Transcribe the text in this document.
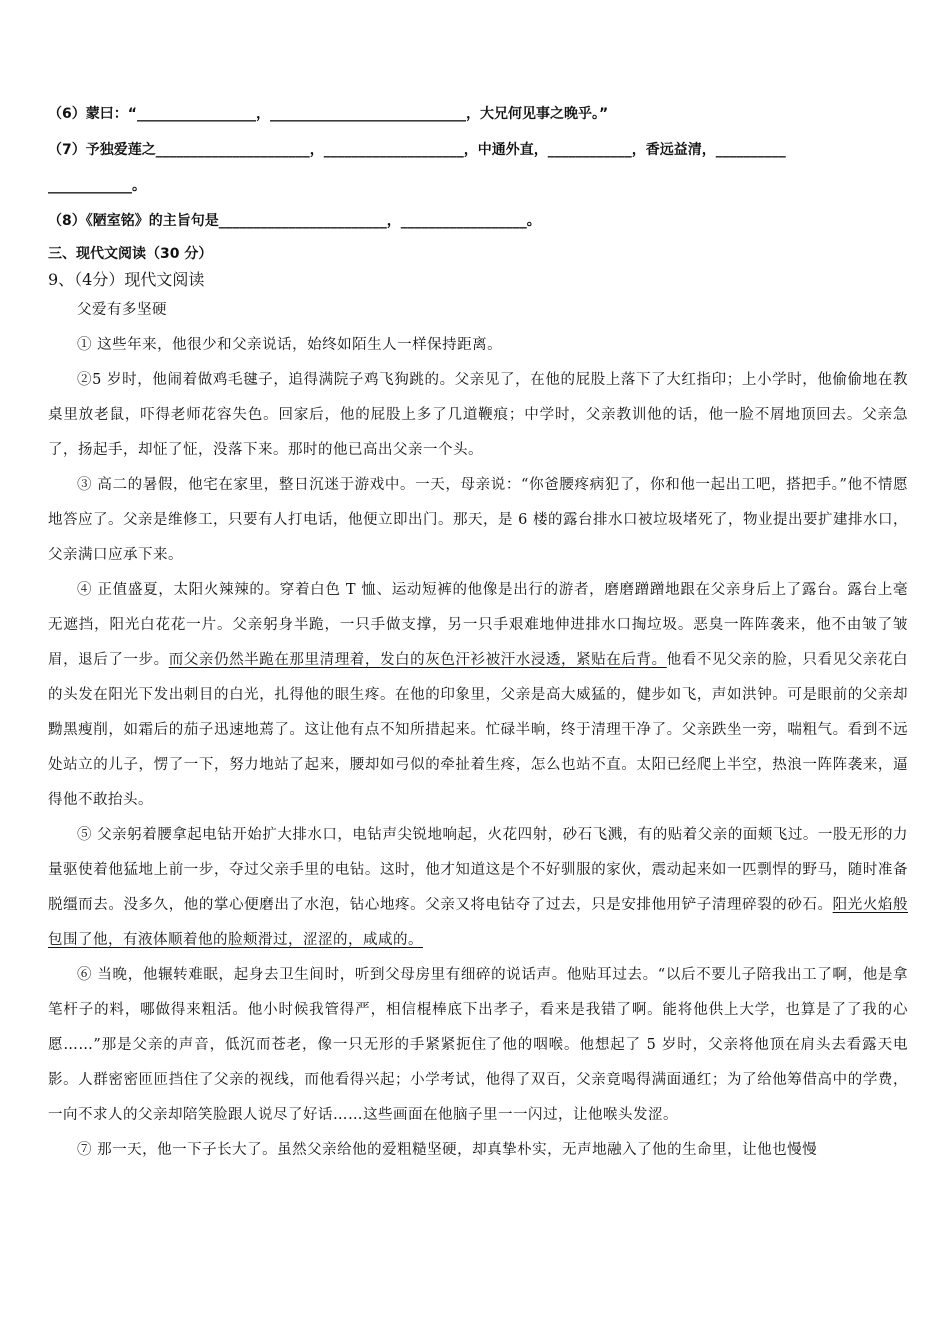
（6）蒙曰：“_________________，____________________________，大兄何见事之晚乎。”
（7）予独爱莲之______________________，____________________，中通外直，____________，香远益清，__________
____________。
（8）《陋室铭》的主旨句是________________________，__________________。
三、现代文阅读（30 分）
9、（4分）现代文阅读

父爱有多坚硬

① 这些年来，他很少和父亲说话，始终如陌生人一样保持距离。

②5 岁时，他闹着做鸡毛毽子，追得满院子鸡飞狗跳的。父亲见了，在他的屁股上落下了大红指印；上小学时，他偷偷地在教桌里放老鼠，吓得老师花容失色。回家后，他的屁股上多了几道鞭痕；中学时，父亲教训他的话，他一脸不屑地顶回去。父亲急了，扬起手，却怔了怔，没落下来。那时的他已高出父亲一个头。

③ 高二的暑假，他宅在家里，整日沉迷于游戏中。一天，母亲说：“你爸腰疼病犯了，你和他一起出工吧，搭把手。”他不情愿地答应了。父亲是维修工，只要有人打电话，他便立即出门。那天，是 6 楼的露台排水口被垃圾堵死了，物业提出要扩建排水口，父亲满口应承下来。

④ 正值盛夏，太阳火辣辣的。穿着白色 T 恤、运动短裤的他像是出行的游者，磨磨蹭蹭地跟在父亲身后上了露台。露台上毫无遮挡，阳光白花花一片。父亲躬身半跪，一只手做支撑，另一只手艰难地伸进排水口掏垃圾。恶臭一阵阵袭来，他不由皱了皱眉，退后了一步。而父亲仍然半跪在那里清理着，发白的灰色汗衫被汗水浸透，紧贴在后背。他看不见父亲的脸，只看见父亲花白的头发在阳光下发出刺目的白光，扎得他的眼生疼。在他的印象里，父亲是高大威猛的，健步如飞，声如洪钟。可是眼前的父亲却黝黑瘦削，如霜后的茄子迅速地蔫了。这让他有点不知所措起来。忙碌半晌，终于清理干净了。父亲跌坐一旁，喘粗气。看到不远处站立的儿子，愣了一下，努力地站了起来，腰却如弓似的牵扯着生疼，怎么也站不直。太阳已经爬上半空，热浪一阵阵袭来，逼得他不敢抬头。

⑤ 父亲躬着腰拿起电钻开始扩大排水口，电钻声尖锐地响起，火花四射，砂石飞溅，有的贴着父亲的面颊飞过。一股无形的力量驱使着他猛地上前一步，夺过父亲手里的电钻。这时，他才知道这是个不好驯服的家伙，震动起来如一匹剽悍的野马，随时准备脱缰而去。没多久，他的掌心便磨出了水泡，钻心地疼。父亲又将电钻夺了过去，只是安排他用铲子清理碎裂的砂石。阳光火焰般包围了他，有液体顺着他的脸颊滑过，涩涩的，咸咸的。

⑥ 当晚，他辗转难眠，起身去卫生间时，听到父母房里有细碎的说话声。他贴耳过去。“以后不要儿子陪我出工了啊，他是拿笔杆子的料，哪做得来粗活。他小时候我管得严，相信棍棒底下出孝子，看来是我错了啊。能将他供上大学，也算是了了我的心愿……”那是父亲的声音，低沉而苍老，像一只无形的手紧紧扼住了他的咽喉。他想起了 5 岁时，父亲将他顶在肩头去看露天电影。人群密密匝匝挡住了父亲的视线，而他看得兴起；小学考试，他得了双百，父亲竟喝得满面通红；为了给他筹借高中的学费，一向不求人的父亲却陪笑脸跟人说尽了好话……这些画面在他脑子里一一闪过，让他喉头发涩。

⑦ 那一天，他一下子长大了。虽然父亲给他的爱粗糙坚硬，却真挚朴实，无声地融入了他的生命里，让他也慢慢
